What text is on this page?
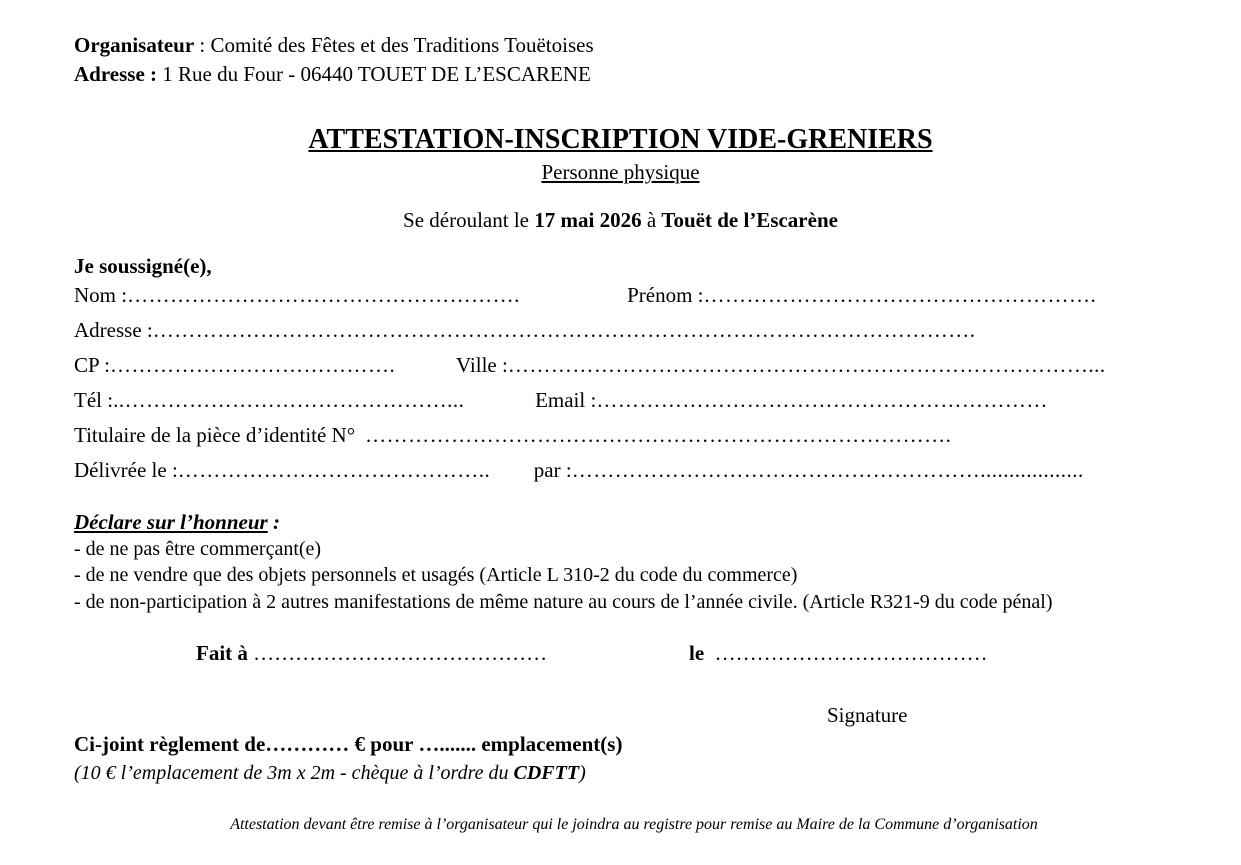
Organisateur : Comité des Fêtes et des Traditions Touëtoises
Adresse : 1 Rue du Four - 06440 TOUET DE L’ESCARENE
ATTESTATION-INSCRIPTION VIDE-GRENIERS
Personne physique
Se déroulant le 17 mai 2026 à Touët de l’Escarène
Je soussigné(e),
Nom : ……………………………………………….	Prénom : ……………………………………………….
Adresse : …………………………………………………………………………………………………….
CP : ………………………………….	Ville : ………………………………………………………………………...
Tél : ..………………………………………...	Email : ………………………………………………………
Titulaire de la pièce d’identité N° ……………………………………………………………………….
Délivrée le : ……………………………………..	par : …………………………………………………..................
Déclare sur l’honneur :
- de ne pas être commerçant(e)
- de ne vendre que des objets personnels et usagés (Article L 310-2 du code du commerce)
- de non-participation à 2 autres manifestations de même nature au cours de l’année civile. (Article R321-9 du code pénal)
Fait à ……………………………………	le  …………………………………
Signature
Ci-joint règlement de………… € pour …....... emplacement(s)
(10 € l’emplacement de 3m x 2m - chèque à l’ordre du CDFTT)
Attestation devant être remise à l’organisateur qui le joindra au registre pour remise au Maire de la Commune d’organisation
